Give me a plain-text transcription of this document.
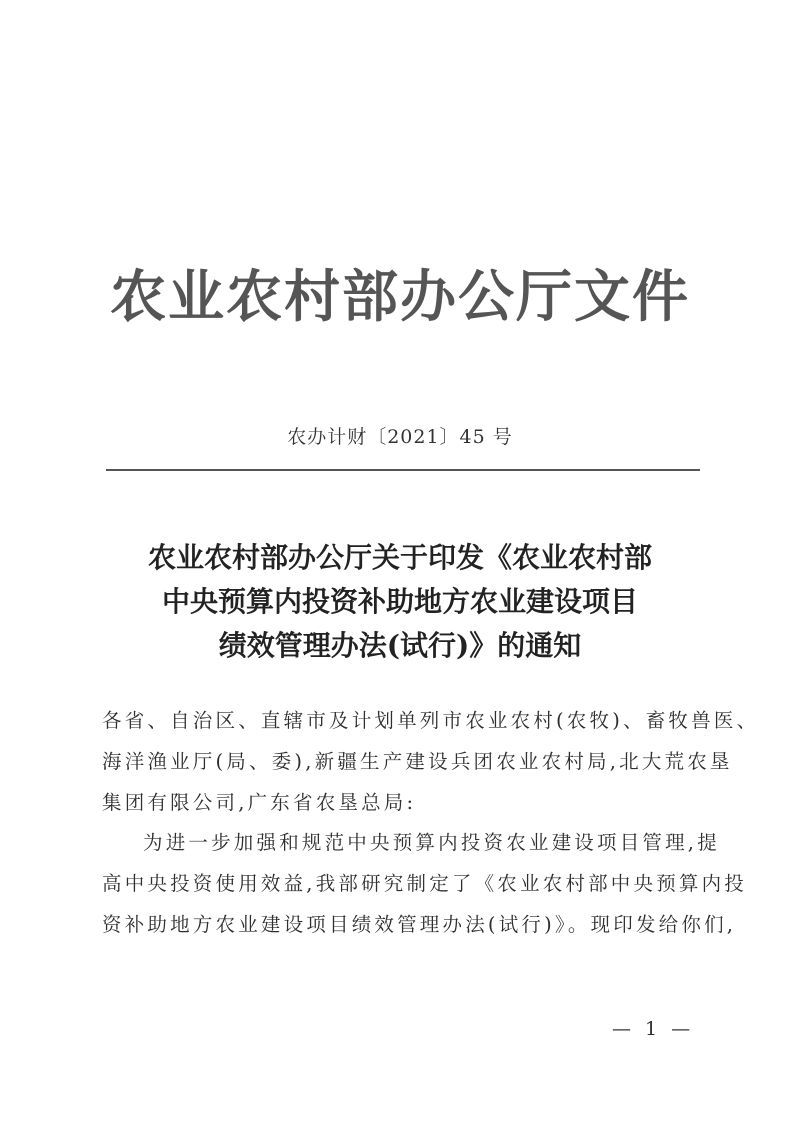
农业农村部办公厅文件
农办计财〔2021〕45 号
农业农村部办公厅关于印发《农业农村部
中央预算内投资补助地方农业建设项目
绩效管理办法(试行)》的通知
各省、自治区、直辖市及计划单列市农业农村(农牧)、畜牧兽医、
海洋渔业厅(局、委),新疆生产建设兵团农业农村局,北大荒农垦
集团有限公司,广东省农垦总局:
为进一步加强和规范中央预算内投资农业建设项目管理,提
高中央投资使用效益,我部研究制定了《农业农村部中央预算内投
资补助地方农业建设项目绩效管理办法(试行)》。现印发给你们,
— 1 —
